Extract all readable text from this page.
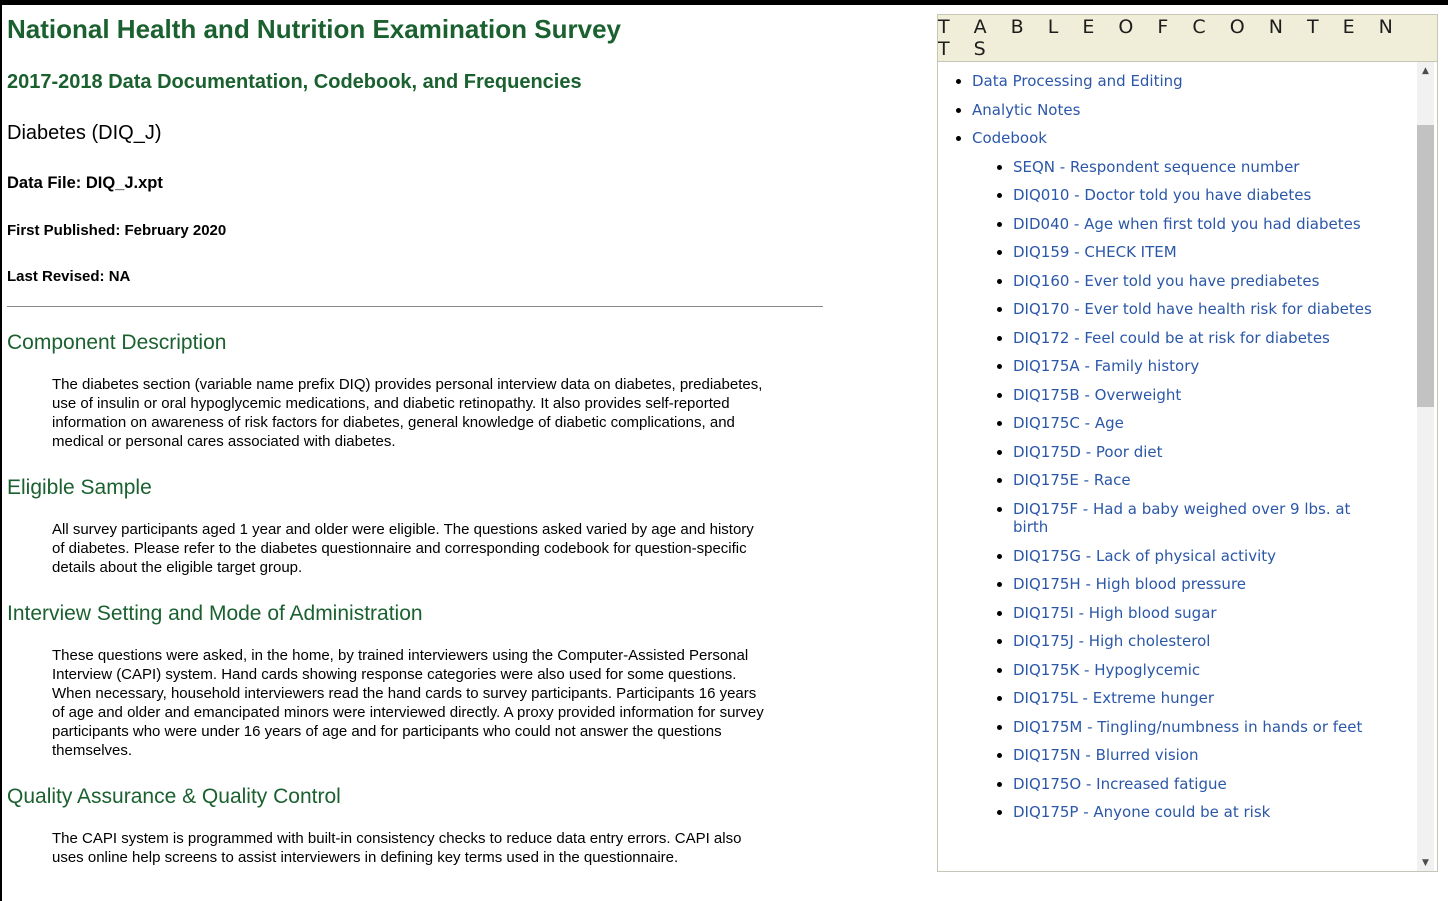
National Health and Nutrition Examination Survey
2017-2018 Data Documentation, Codebook, and Frequencies
Diabetes (DIQ_J)
Data File: DIQ_J.xpt
First Published: February 2020
Last Revised: NA
Component Description

The diabetes section (variable name prefix DIQ) provides personal interview data on diabetes, prediabetes, use of insulin or oral hypoglycemic medications, and diabetic retinopathy. It also provides self-reported information on awareness of risk factors for diabetes, general knowledge of diabetic complications, and medical or personal cares associated with diabetes.

Eligible Sample

All survey participants aged 1 year and older were eligible. The questions asked varied by age and history of diabetes. Please refer to the diabetes questionnaire and corresponding codebook for question-specific details about the eligible target group.

Interview Setting and Mode of Administration

These questions were asked, in the home, by trained interviewers using the Computer-Assisted Personal Interview (CAPI) system. Hand cards showing response categories were also used for some questions. When necessary, household interviewers read the hand cards to survey participants. Participants 16 years of age and older and emancipated minors were interviewed directly. A proxy provided information for survey participants who were under 16 years of age and for participants who could not answer the questions themselves.

Quality Assurance & Quality Control

The CAPI system is programmed with built-in consistency checks to reduce data entry errors. CAPI also uses online help screens to assist interviewers in defining key terms used in the questionnaire.

T A B L E O F C O N T E N T S
• Data Processing and Editing
• Analytic Notes
• Codebook
• SEQN - Respondent sequence number
• DIQ010 - Doctor told you have diabetes
• DID040 - Age when first told you had diabetes
• DIQ159 - CHECK ITEM
• DIQ160 - Ever told you have prediabetes
• DIQ170 - Ever told have health risk for diabetes
• DIQ172 - Feel could be at risk for diabetes
• DIQ175A - Family history
• DIQ175B - Overweight
• DIQ175C - Age
• DIQ175D - Poor diet
• DIQ175E - Race
• DIQ175F - Had a baby weighed over 9 lbs. at birth
• DIQ175G - Lack of physical activity
• DIQ175H - High blood pressure
• DIQ175I - High blood sugar
• DIQ175J - High cholesterol
• DIQ175K - Hypoglycemic
• DIQ175L - Extreme hunger
• DIQ175M - Tingling/numbness in hands or feet
• DIQ175N - Blurred vision
• DIQ175O - Increased fatigue
• DIQ175P - Anyone could be at risk
▲
▼
